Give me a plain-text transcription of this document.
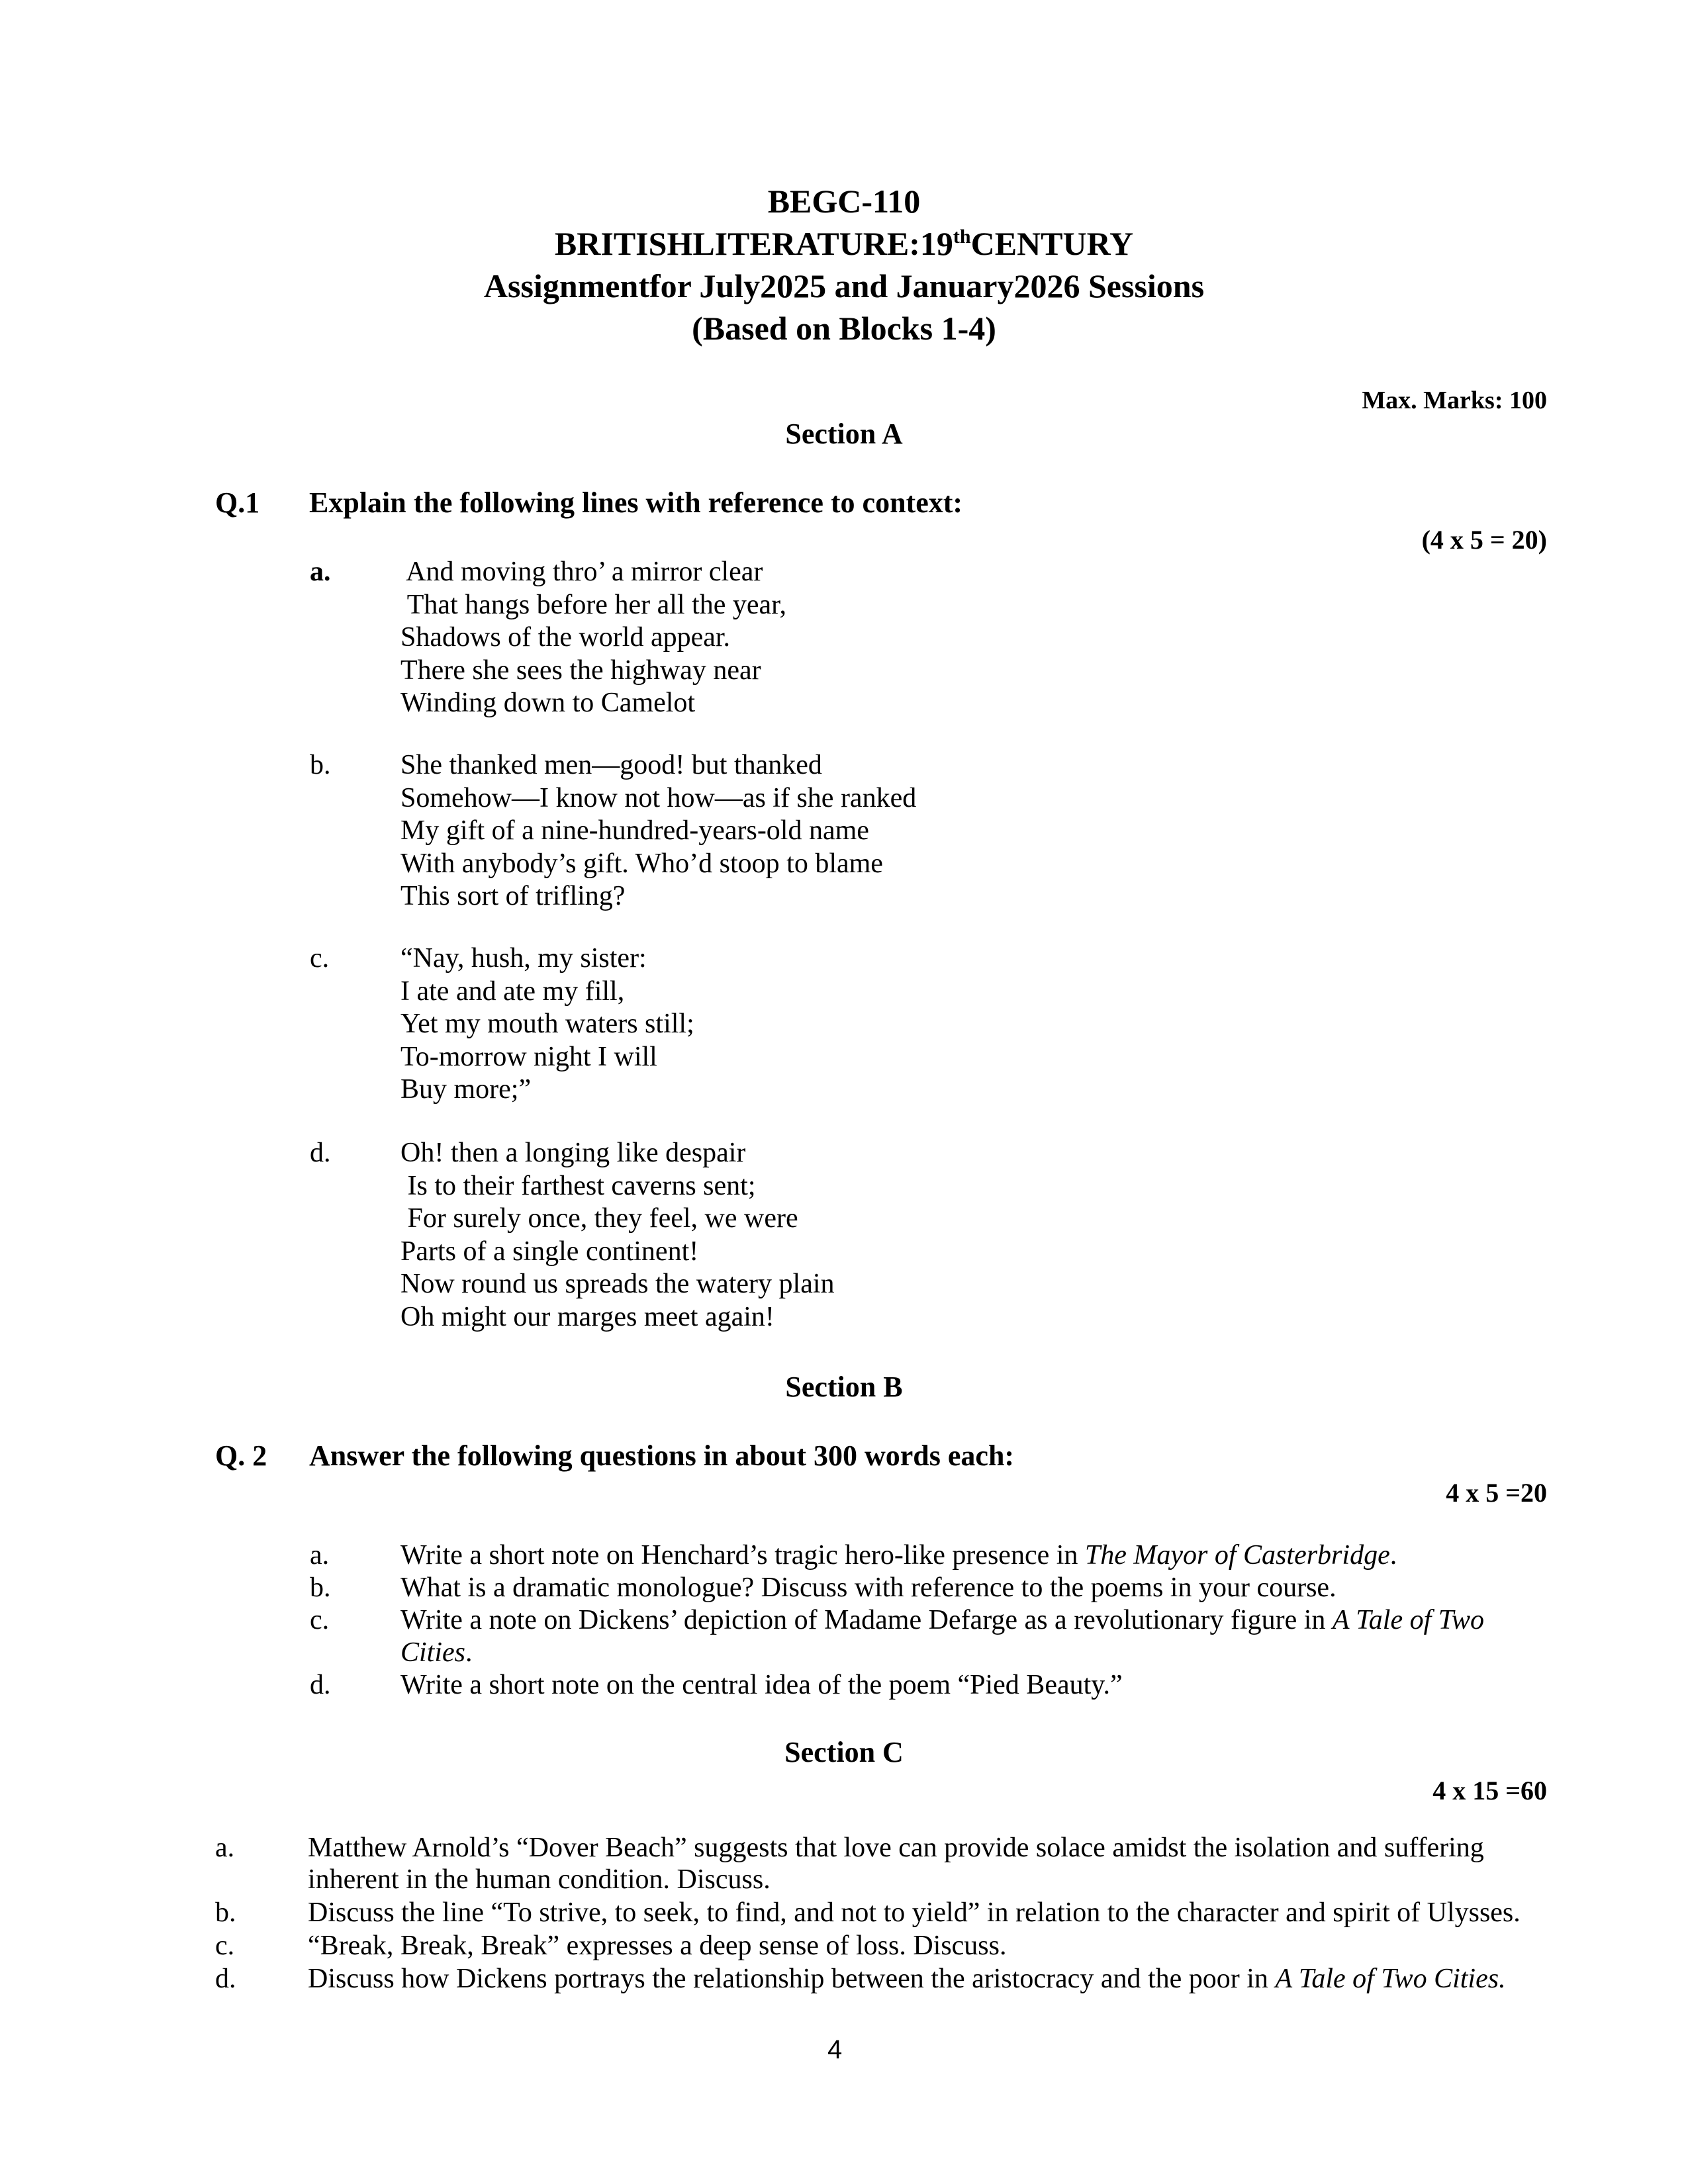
BEGC-110
BRITISHLITERATURE:19thCENTURY
Assignmentfor July2025 and January2026 Sessions
(Based on Blocks 1-4)
Max. Marks: 100
Section A
Q.1 Explain the following lines with reference to context:
(4 x 5 = 20)
a.	And moving thro’ a mirror clear
That hangs before her all the year,
Shadows of the world appear.
There she sees the highway near
Winding down to Camelot
b.	She thanked men—good! but thanked
Somehow—I know not how—as if she ranked
My gift of a nine-hundred-years-old name
With anybody’s gift. Who’d stoop to blame
This sort of trifling?
c.	“Nay, hush, my sister:
I ate and ate my fill,
Yet my mouth waters still;
To-morrow night I will
Buy more;”
d.	Oh! then a longing like despair
Is to their farthest caverns sent;
For surely once, they feel, we were
Parts of a single continent!
Now round us spreads the watery plain
Oh might our marges meet again!
Section B
Q. 2 Answer the following questions in about 300 words each:
4 x 5 =20
a.	Write a short note on Henchard’s tragic hero-like presence in The Mayor of Casterbridge.
b.	What is a dramatic monologue? Discuss with reference to the poems in your course.
c.	Write a note on Dickens’ depiction of Madame Defarge as a revolutionary figure in A Tale of Two Cities.
d.	Write a short note on the central idea of the poem “Pied Beauty.”
Section C
4 x 15 =60
a.	Matthew Arnold’s “Dover Beach” suggests that love can provide solace amidst the isolation and suffering inherent in the human condition. Discuss.
b.	Discuss the line “To strive, to seek, to find, and not to yield” in relation to the character and spirit of Ulysses.
c.	“Break, Break, Break” expresses a deep sense of loss. Discuss.
d.	Discuss how Dickens portrays the relationship between the aristocracy and the poor in A Tale of Two Cities.
4
